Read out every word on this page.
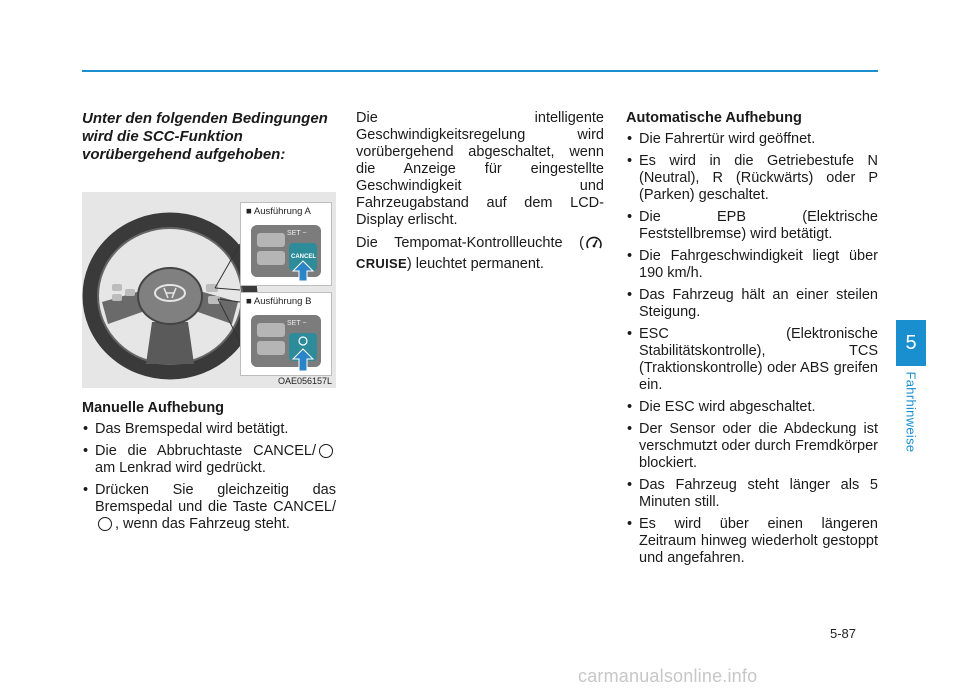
Unter den folgenden Bedingungen wird die SCC-Funktion vorübergehend aufgehoben:
■ Ausführung A
SET −
CANCEL
■ Ausführung B
SET −
OAE056157L
Manuelle Aufhebung
• Das Bremspedal wird betätigt.
• Die die Abbruchtaste CANCEL/ am Lenkrad wird gedrückt.
• Drücken Sie gleichzeitig das Bremspedal und die Taste CANCEL/, wenn das Fahrzeug steht.

Die intelligente Geschwindigkeitsregelung wird vorübergehend abgeschaltet, wenn die Anzeige für eingestellte Geschwindigkeit und Fahrzeugabstand auf dem LCD-Display erlischt.

Die Tempomat-Kontrollleuchte (CRUISE) leuchtet permanent.

Automatische Aufhebung
• Die Fahrertür wird geöffnet.
• Es wird in die Getriebestufe N (Neutral), R (Rückwärts) oder P (Parken) geschaltet.
• Die EPB (Elektrische Feststellbremse) wird betätigt.
• Die Fahrgeschwindigkeit liegt über 190 km/h.
• Das Fahrzeug hält an einer steilen Steigung.
• ESC (Elektronische Stabilitätskontrolle), TCS (Traktionskontrolle) oder ABS greifen ein.
• Die ESC wird abgeschaltet.
• Der Sensor oder die Abdeckung ist verschmutzt oder durch Fremdkörper blockiert.
• Das Fahrzeug steht länger als 5 Minuten still.
• Es wird über einen längeren Zeitraum hinweg wiederholt gestoppt und angefahren.
5
Fahrhinweise
5-87
carmanualsonline.info
